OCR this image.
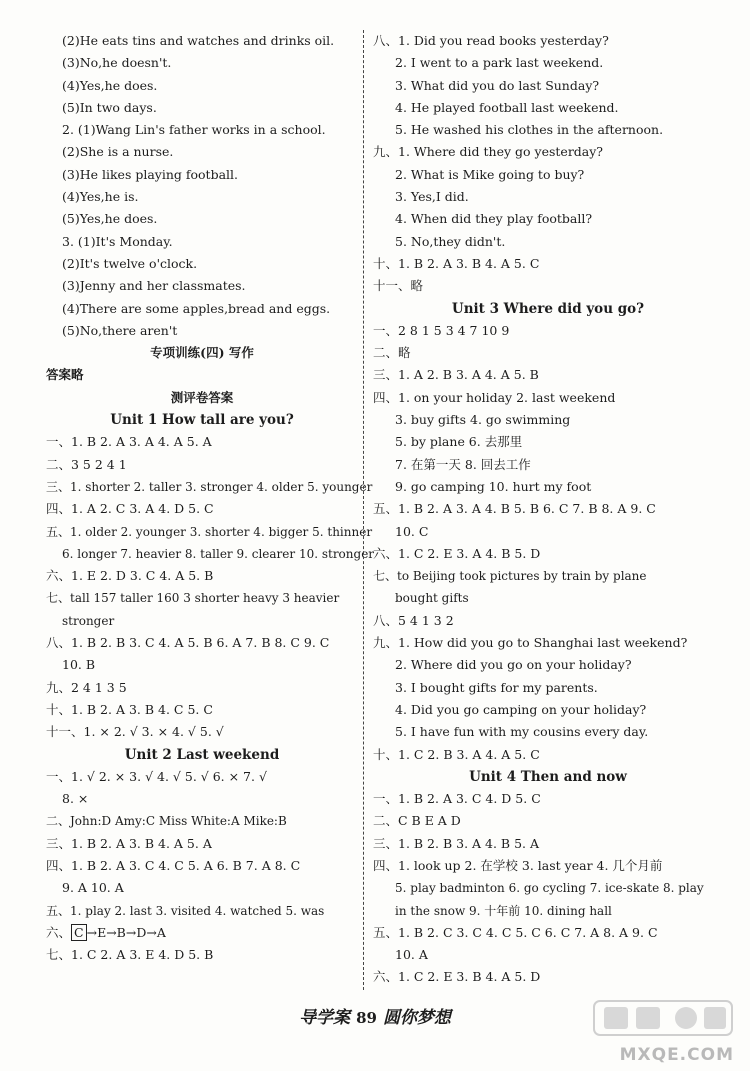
(2)He eats tins and watches and drinks oil.
(3)No,he doesn't.
(4)Yes,he does.
(5)In two days.
2. (1)Wang Lin's father works in a school.
(2)She is a nurse.
(3)He likes playing football.
(4)Yes,he is.
(5)Yes,he does.
3. (1)It's Monday.
(2)It's twelve o'clock.
(3)Jenny and her classmates.
(4)There are some apples,bread and eggs.
(5)No,there aren't
专项训练(四) 写作
答案略
测评卷答案
Unit 1 How tall are you?
一、1. B 2. A 3. A 4. A 5. A
二、3 5 2 4 1
三、1. shorter 2. taller 3. stronger 4. older 5. younger
四、1. A 2. C 3. A 4. D 5. C
五、1. older 2. younger 3. shorter 4. bigger 5. thinner
6. longer 7. heavier 8. taller 9. clearer 10. stronger
六、1. E 2. D 3. C 4. A 5. B
七、tall 157 taller 160 3 shorter heavy 3 heavier
stronger
八、1. B 2. B 3. C 4. A 5. B 6. A 7. B 8. C 9. C
10. B
九、2 4 1 3 5
十、1. B 2. A 3. B 4. C 5. C
十一、1. × 2. √ 3. × 4. √ 5. √
Unit 2 Last weekend
一、1. √ 2. × 3. √ 4. √ 5. √ 6. × 7. √
8. ×
二、John:D Amy:C Miss White:A Mike:B
三、1. B 2. A 3. B 4. A 5. A
四、1. B 2. A 3. C 4. C 5. A 6. B 7. A 8. C
9. A 10. A
五、1. play 2. last 3. visited 4. watched 5. was
六、 C →E→B→D→A
七、1. C 2. A 3. E 4. D 5. B
八、1. Did you read books yesterday?
2. I went to a park last weekend.
3. What did you do last Sunday?
4. He played football last weekend.
5. He washed his clothes in the afternoon.
九、1. Where did they go yesterday?
2. What is Mike going to buy?
3. Yes,I did.
4. When did they play football?
5. No,they didn't.
十、1. B 2. A 3. B 4. A 5. C
十一、略
Unit 3 Where did you go?
一、2 8 1 5 3 4 7 10 9
二、略
三、1. A 2. B 3. A 4. A 5. B
四、1. on your holiday 2. last weekend
3. buy gifts 4. go swimming
5. by plane 6. 去那里
7. 在第一天 8. 回去工作
9. go camping 10. hurt my foot
五、1. B 2. A 3. A 4. B 5. B 6. C 7. B 8. A 9. C
10. C
六、1. C 2. E 3. A 4. B 5. D
七、to Beijing took pictures by train by plane
bought gifts
八、5 4 1 3 2
九、1. How did you go to Shanghai last weekend?
2. Where did you go on your holiday?
3. I bought gifts for my parents.
4. Did you go camping on your holiday?
5. I have fun with my cousins every day.
十、1. C 2. B 3. A 4. A 5. C
Unit 4 Then and now
一、1. B 2. A 3. C 4. D 5. C
二、C B E A D
三、1. B 2. B 3. A 4. B 5. A
四、1. look up 2. 在学校 3. last year 4. 几个月前
5. play badminton 6. go cycling 7. ice-skate 8. play
in the snow 9. 十年前 10. dining hall
五、1. B 2. C 3. C 4. C 5. C 6. C 7. A 8. A 9. C
10. A
六、1. C 2. E 3. B 4. A 5. D
导学案 89 圆你梦想
MXQE.COM
